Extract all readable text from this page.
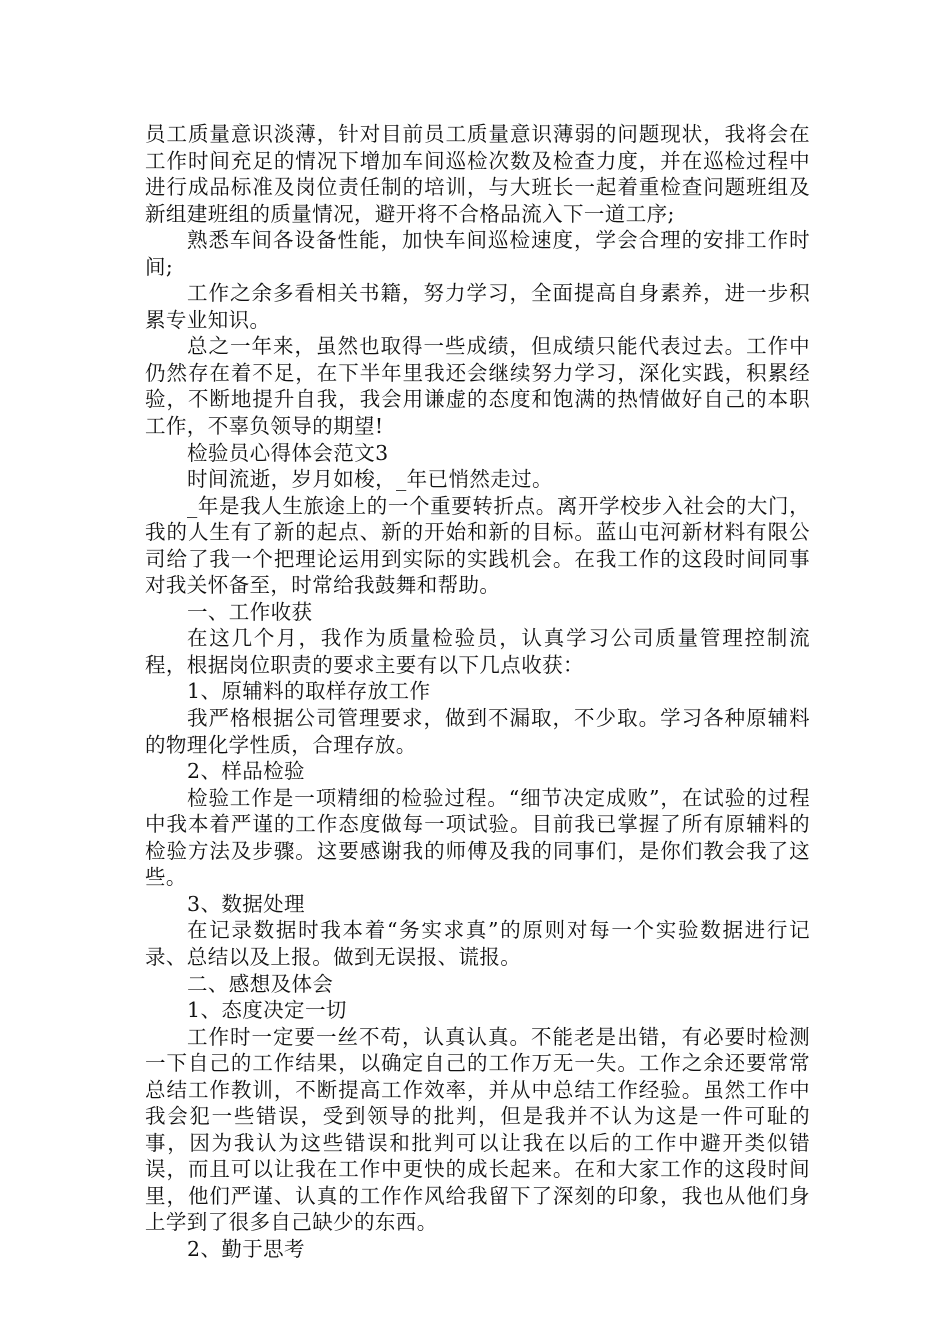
员工质量意识淡薄，针对目前员工质量意识薄弱的问题现状，我将会在工作时间充足的情况下增加车间巡检次数及检查力度，并在巡检过程中进行成品标准及岗位责任制的培训，与大班长一起着重检查问题班组及新组建班组的质量情况，避开将不合格品流入下一道工序;

熟悉车间各设备性能，加快车间巡检速度，学会合理的安排工作时间;

工作之余多看相关书籍，努力学习，全面提高自身素养，进一步积累专业知识。

总之一年来，虽然也取得一些成绩，但成绩只能代表过去。工作中仍然存在着不足，在下半年里我还会继续努力学习，深化实践，积累经验，不断地提升自我，我会用谦虚的态度和饱满的热情做好自己的本职工作，不辜负领导的期望!

检验员心得体会范文3

时间流逝，岁月如梭，_年已悄然走过。

_年是我人生旅途上的一个重要转折点。离开学校步入社会的大门，我的人生有了新的起点、新的开始和新的目标。蓝山屯河新材料有限公司给了我一个把理论运用到实际的实践机会。在我工作的这段时间同事对我关怀备至，时常给我鼓舞和帮助。

一、工作收获

在这几个月，我作为质量检验员，认真学习公司质量管理控制流程，根据岗位职责的要求主要有以下几点收获：

1、原辅料的取样存放工作

我严格根据公司管理要求，做到不漏取，不少取。学习各种原辅料的物理化学性质，合理存放。

2、样品检验

检验工作是一项精细的检验过程。“细节决定成败”，在试验的过程中我本着严谨的工作态度做每一项试验。目前我已掌握了所有原辅料的检验方法及步骤。这要感谢我的师傅及我的同事们，是你们教会我了这些。

3、数据处理

在记录数据时我本着“务实求真”的原则对每一个实验数据进行记录、总结以及上报。做到无误报、谎报。

二、感想及体会

1、态度决定一切

工作时一定要一丝不苟，认真认真。不能老是出错，有必要时检测一下自己的工作结果，以确定自己的工作万无一失。工作之余还要常常总结工作教训，不断提高工作效率，并从中总结工作经验。虽然工作中我会犯一些错误，受到领导的批判，但是我并不认为这是一件可耻的事，因为我认为这些错误和批判可以让我在以后的工作中避开类似错误，而且可以让我在工作中更快的成长起来。在和大家工作的这段时间里，他们严谨、认真的工作作风给我留下了深刻的印象，我也从他们身上学到了很多自己缺少的东西。

2、勤于思考
